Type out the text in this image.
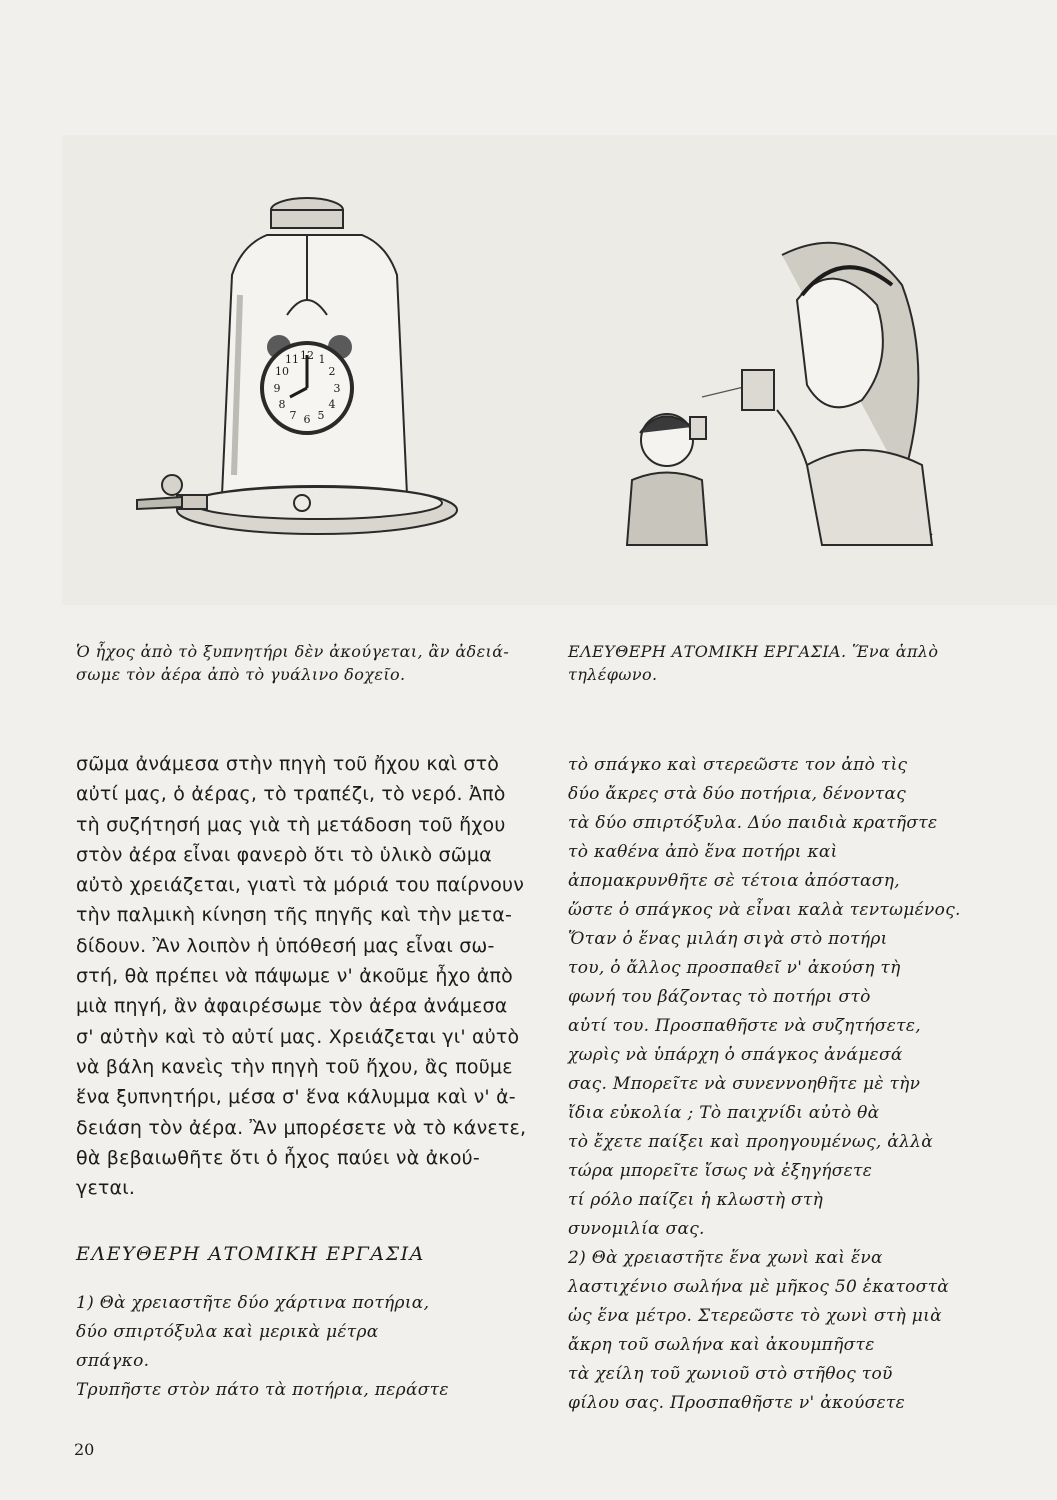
12 1
2
3
4
5
6
7
8
9
10
11
Ὁ ἦχος ἀπὸ τὸ ξυπνητήρι δὲν ἀκούγεται, ἂν ἀδειά-
σωμε τὸν ἀέρα ἀπὸ τὸ γυάλινο δοχεῖο.
σῶμα ἀνάμεσα στὴν πηγὴ τοῦ ἤχου καὶ στὸ
αὐτί μας, ὁ ἀέρας, τὸ τραπέζι, τὸ νερό. Ἀπὸ
τὴ συζήτησή μας γιὰ τὴ μετάδοση τοῦ ἤχου
στὸν ἀέρα εἶναι φανερὸ ὅτι τὸ ὑλικὸ σῶμα
αὐτὸ χρειάζεται, γιατὶ τὰ μόριά του παίρνουν
τὴν παλμικὴ κίνηση τῆς πηγῆς καὶ τὴν μετα-
δίδουν. Ἂν λοιπὸν ἡ ὑπόθεσή μας εἶναι σω-
στή, θὰ πρέπει νὰ πάψωμε ν' ἀκοῦμε ἦχο ἀπὸ
μιὰ πηγή, ἂν ἀφαιρέσωμε τὸν ἀέρα ἀνάμεσα
σ' αὐτὴν καὶ τὸ αὐτί μας. Χρειάζεται γι' αὐτὸ
νὰ βάλη κανεὶς τὴν πηγὴ τοῦ ἤχου, ἂς ποῦμε
ἕνα ξυπνητήρι, μέσα σ' ἕνα κάλυμμα καὶ ν' ἀ-
δειάση τὸν ἀέρα. Ἂν μπορέσετε νὰ τὸ κάνετε,
θὰ βεβαιωθῆτε ὅτι ὁ ἦχος παύει νὰ ἀκού-
γεται.
ΕΛΕΥΘΕΡΗ ΑΤΟΜΙΚΗ ΕΡΓΑΣΙΑ
1) Θὰ χρειαστῆτε δύο χάρτινα ποτήρια,
δύο σπιρτόξυλα καὶ μερικὰ μέτρα
σπάγκο.
Τρυπῆστε στὸν πάτο τὰ ποτήρια, περάστε
ΕΛΕΥΘΕΡΗ ΑΤΟΜΙΚΗ ΕΡΓΑΣΙΑ. Ἕνα ἁπλὸ
τηλέφωνο.
τὸ σπάγκο καὶ στερεῶστε τον ἀπὸ τὶς
δύο ἄκρες στὰ δύο ποτήρια, δένοντας
τὰ δύο σπιρτόξυλα. Δύο παιδιὰ κρατῆστε
τὸ καθένα ἀπὸ ἕνα ποτήρι καὶ
ἀπομακρυνθῆτε σὲ τέτοια ἀπόσταση,
ὥστε ὁ σπάγκος νὰ εἶναι καλὰ τεντωμένος.
Ὅταν ὁ ἕνας μιλάη σιγὰ στὸ ποτήρι
του, ὁ ἄλλος προσπαθεῖ ν' ἀκούση τὴ
φωνή του βάζοντας τὸ ποτήρι στὸ
αὐτί του. Προσπαθῆστε νὰ συζητήσετε,
χωρὶς νὰ ὑπάρχη ὁ σπάγκος ἀνάμεσά
σας. Μπορεῖτε νὰ συνεννοηθῆτε μὲ τὴν
ἴδια εὐκολία ; Τὸ παιχνίδι αὐτὸ θὰ
τὸ ἔχετε παίξει καὶ προηγουμένως, ἀλλὰ
τώρα μπορεῖτε ἴσως νὰ ἐξηγήσετε
τί ρόλο παίζει ἡ κλωστὴ στὴ
συνομιλία σας.
2) Θὰ χρειαστῆτε ἕνα χωνὶ καὶ ἕνα
λαστιχένιο σωλήνα μὲ μῆκος 50 ἑκατοστὰ
ὡς ἕνα μέτρο. Στερεῶστε τὸ χωνὶ στὴ μιὰ
ἄκρη τοῦ σωλήνα καὶ ἀκουμπῆστε
τὰ χείλη τοῦ χωνιοῦ στὸ στῆθος τοῦ
φίλου σας. Προσπαθῆστε ν' ἀκούσετε
20
